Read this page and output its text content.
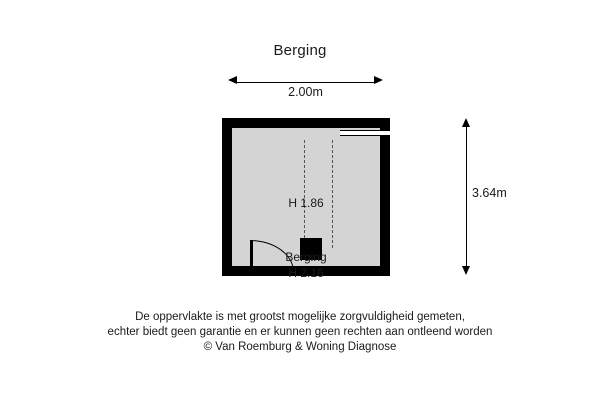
Berging
2.00m
3.64m
H 1.86
Berging
H 2.16
De oppervlakte is met grootst mogelijke zorgvuldigheid gemeten,
echter biedt geen garantie en er kunnen geen rechten aan ontleend worden
© Van Roemburg & Woning Diagnose
